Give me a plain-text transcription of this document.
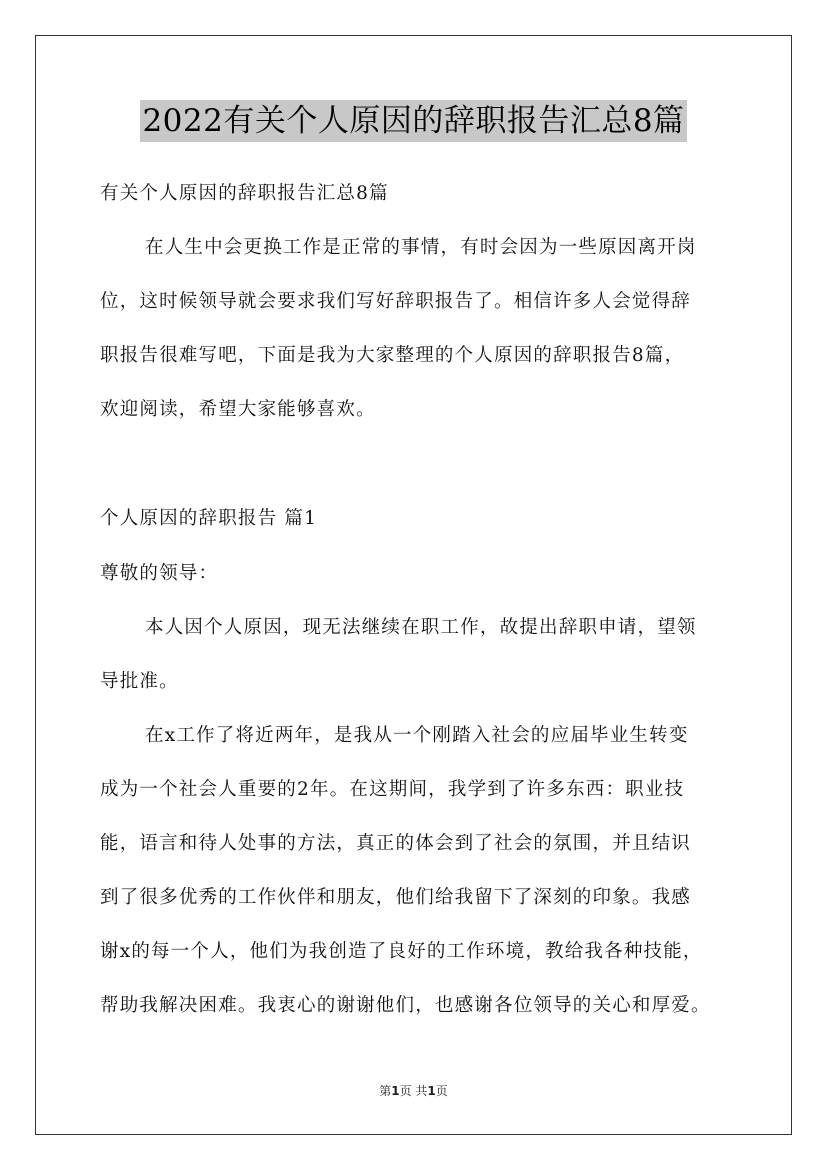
2022有关个人原因的辞职报告汇总8篇
有关个人原因的辞职报告汇总8篇
在人生中会更换工作是正常的事情，有时会因为一些原因离开岗
位，这时候领导就会要求我们写好辞职报告了。相信许多人会觉得辞
职报告很难写吧，下面是我为大家整理的个人原因的辞职报告8篇，
欢迎阅读，希望大家能够喜欢。
个人原因的辞职报告 篇1
尊敬的领导：
本人因个人原因，现无法继续在职工作，故提出辞职申请，望领
导批准。
在x工作了将近两年，是我从一个刚踏入社会的应届毕业生转变
成为一个社会人重要的2年。在这期间，我学到了许多东西：职业技
能，语言和待人处事的方法，真正的体会到了社会的氛围，并且结识
到了很多优秀的工作伙伴和朋友，他们给我留下了深刻的印象。我感
谢x的每一个人，他们为我创造了良好的工作环境，教给我各种技能，
帮助我解决困难。我衷心的谢谢他们，也感谢各位领导的关心和厚爱。
第1页 共1页
